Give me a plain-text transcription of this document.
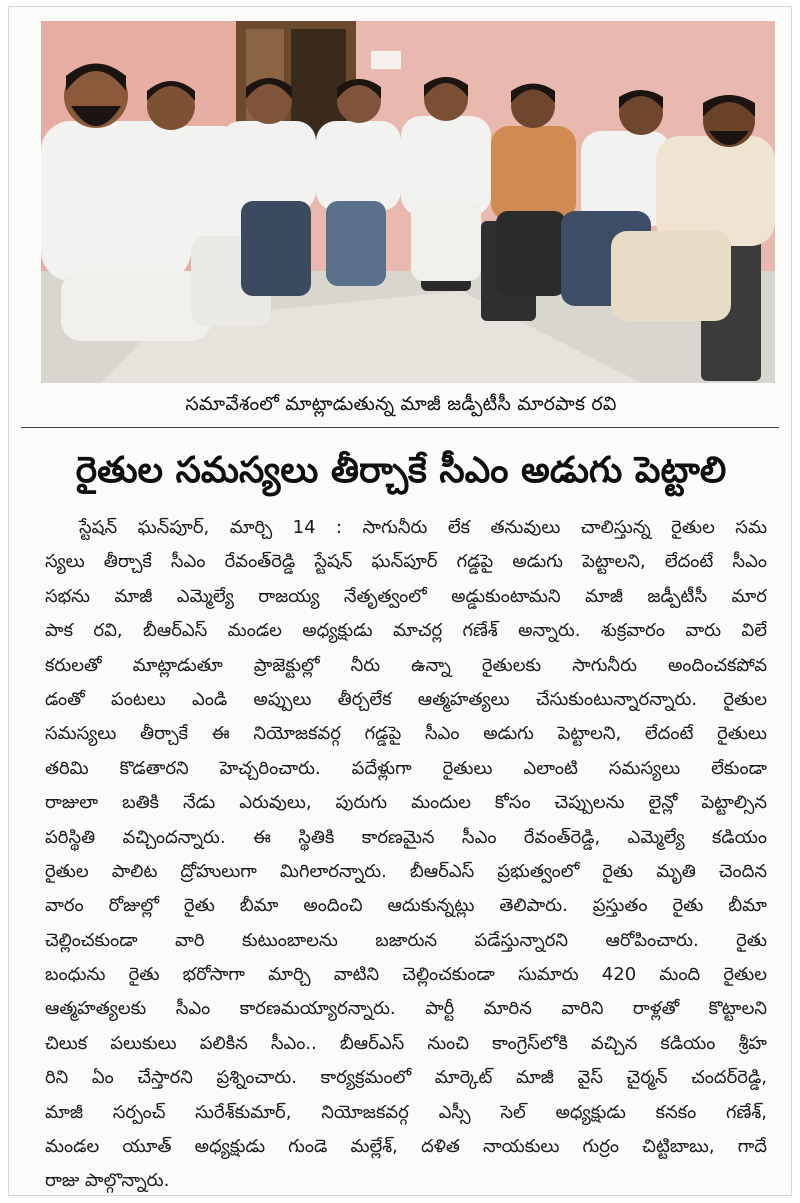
సమావేశంలో మాట్లాడుతున్న మాజీ జడ్పీటీసీ మారపాక రవి
రైతుల సమస్యలు తీర్చాకే సీఎం అడుగు పెట్టాలి
స్టేషన్ ఘన్‌పూర్, మార్చి 14 : సాగునీరు లేక తనువులు చాలిస్తున్న రైతుల సమ
స్యలు తీర్చాకే సీఎం రేవంత్‌రెడ్డి స్టేషన్ ఘన్‌పూర్ గడ్డపై అడుగు పెట్టాలని, లేదంటే సీఎం
సభను మాజీ ఎమ్మెల్యే రాజయ్య నేతృత్వంలో అడ్డుకుంటామని మాజీ జడ్పీటీసీ మార
పాక రవి, బీఆర్ఎస్ మండల అధ్యక్షుడు మాచర్ల గణేశ్ అన్నారు. శుక్రవారం వారు విలే
కరులతో మాట్లాడుతూ ప్రాజెక్టుల్లో నీరు ఉన్నా రైతులకు సాగునీరు అందించకపోవ
డంతో పంటలు ఎండి అప్పులు తీర్చలేక ఆత్మహత్యలు చేసుకుంటున్నారన్నారు. రైతుల
సమస్యలు తీర్చాకే ఈ నియోజకవర్గ గడ్డపై సీఎం అడుగు పెట్టాలని, లేదంటే రైతులు
తరిమి కొడతారని హెచ్చరించారు. పదేళ్లుగా రైతులు ఎలాంటి సమస్యలు లేకుండా
రాజులా బతికి నేడు ఎరువులు, పురుగు మందుల కోసం చెప్పులను లైన్లో పెట్టాల్సిన
పరిస్థితి వచ్చిందన్నారు. ఈ స్థితికి కారణమైన సీఎం రేవంత్‌రెడ్డి, ఎమ్మెల్యే కడియం
రైతుల పాలిట ద్రోహులుగా మిగిలారన్నారు. బీఆర్ఎస్ ప్రభుత్వంలో రైతు మృతి చెందిన
వారం రోజుల్లో రైతు బీమా అందించి ఆదుకున్నట్లు తెలిపారు. ప్రస్తుతం రైతు బీమా
చెల్లించకుండా వారి కుటుంబాలను బజారున పడేస్తున్నారని ఆరోపించారు. రైతు
బంధును రైతు భరోసాగా మార్చి వాటిని చెల్లించకుండా సుమారు 420 మంది రైతుల
ఆత్మహత్యలకు సీఎం కారణమయ్యారన్నారు. పార్టీ మారిన వారిని రాళ్లతో కొట్టాలని
చిలుక పలుకులు పలికిన సీఎం.. బీఆర్ఎస్ నుంచి కాంగ్రెస్‌లోకి వచ్చిన కడియం శ్రీహ
రిని ఏం చేస్తారని ప్రశ్నించారు. కార్యక్రమంలో మార్కెట్ మాజీ వైస్ చైర్మన్ చందర్‌రెడ్డి,
మాజీ సర్పంచ్ సురేశ్‌కుమార్, నియోజకవర్గ ఎస్సీ సెల్ అధ్యక్షుడు కనకం గణేశ్,
మండల యూత్ అధ్యక్షుడు గుండె మల్లేశ్, దళిత నాయకులు గుర్రం చిట్టిబాబు, గాదే
రాజు పాల్గొన్నారు.
